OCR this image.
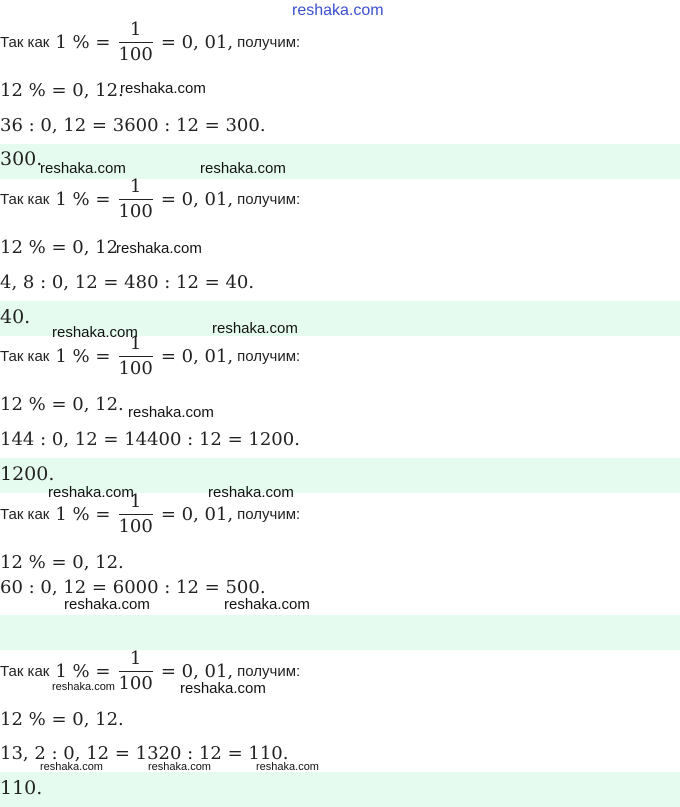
reshaka.com
Так как 1 % = $\frac{1}{100} = 0$, 01, получим:
12 % = 0, 12.
36 : 0, 12 = 3600 : 12 = 300.
300.
Так как 1 % = $\frac{1}{100} = 0$, 01, получим:
12 % = 0, 12
4, 8 : 0, 12 = 480 : 12 = 40.
40.
Так как 1 % = $\frac{1}{100} = 0$, 01, получим:
12 % = 0, 12.
144 : 0, 12 = 14400 : 12 = 1200.
1200.
Так как 1 % = $\frac{1}{100} = 0$, 01, получим:
12 % = 0, 12.
60 : 0, 12 = 6000 : 12 = 500.
Так как 1 % = $\frac{1}{100} = 0$, 01, получим:
12 % = 0, 12.
13, 2 : 0, 12 = 1320 : 12 = 110.
110.
reshaka.com
reshaka.com	reshaka.com
reshaka.com
reshaka.com	reshaka.com
reshaka.com
reshaka.com	reshaka.com
reshaka.com	reshaka.com
reshaka.com	reshaka.com
reshaka.com	reshaka.com	reshaka.com
